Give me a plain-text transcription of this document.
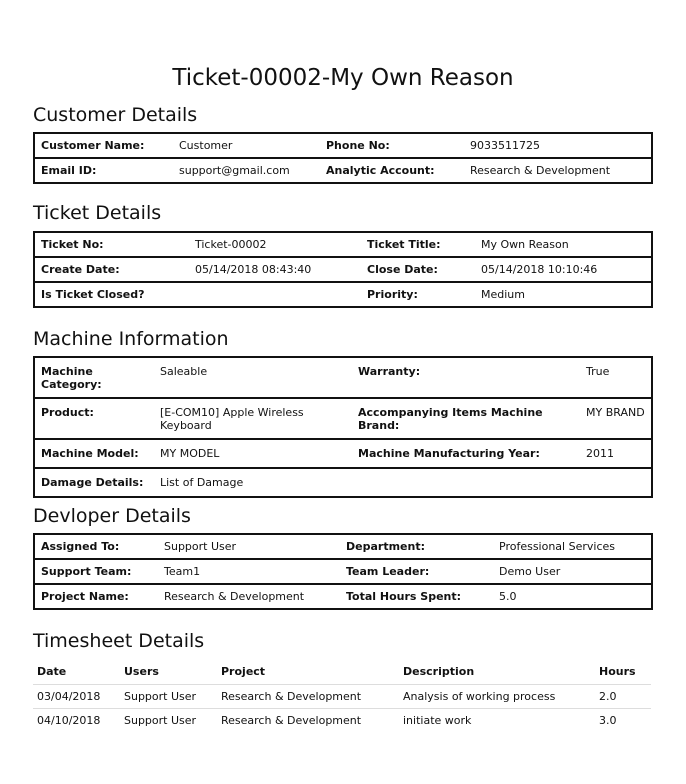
Ticket-00002-My Own Reason
Customer Details
Customer Name:	Customer	Phone No:	9033511725
Email ID:	support@gmail.com	Analytic Account:	Research & Development
Ticket Details
Ticket No:	Ticket-00002	Ticket Title:	My Own Reason
Create Date:	05/14/2018 08:43:40	Close Date:	05/14/2018 10:10:46
Is Ticket Closed?		Priority:	Medium
Machine Information
Machine Category:	Saleable	Warranty:	True
Product:	[E-COM10] Apple Wireless Keyboard	Accompanying Items Machine Brand:	MY BRAND
Machine Model:	MY MODEL	Machine Manufacturing Year:	2011
Damage Details:	List of Damage		
Devloper Details
Assigned To:	Support User	Department:	Professional Services
Support Team:	Team1	Team Leader:	Demo User
Project Name:	Research & Development	Total Hours Spent:	5.0
Timesheet Details
Date	Users	Project	Description	Hours
03/04/2018	Support User	Research & Development	Analysis of working process	2.0
04/10/2018	Support User	Research & Development	initiate work	3.0
